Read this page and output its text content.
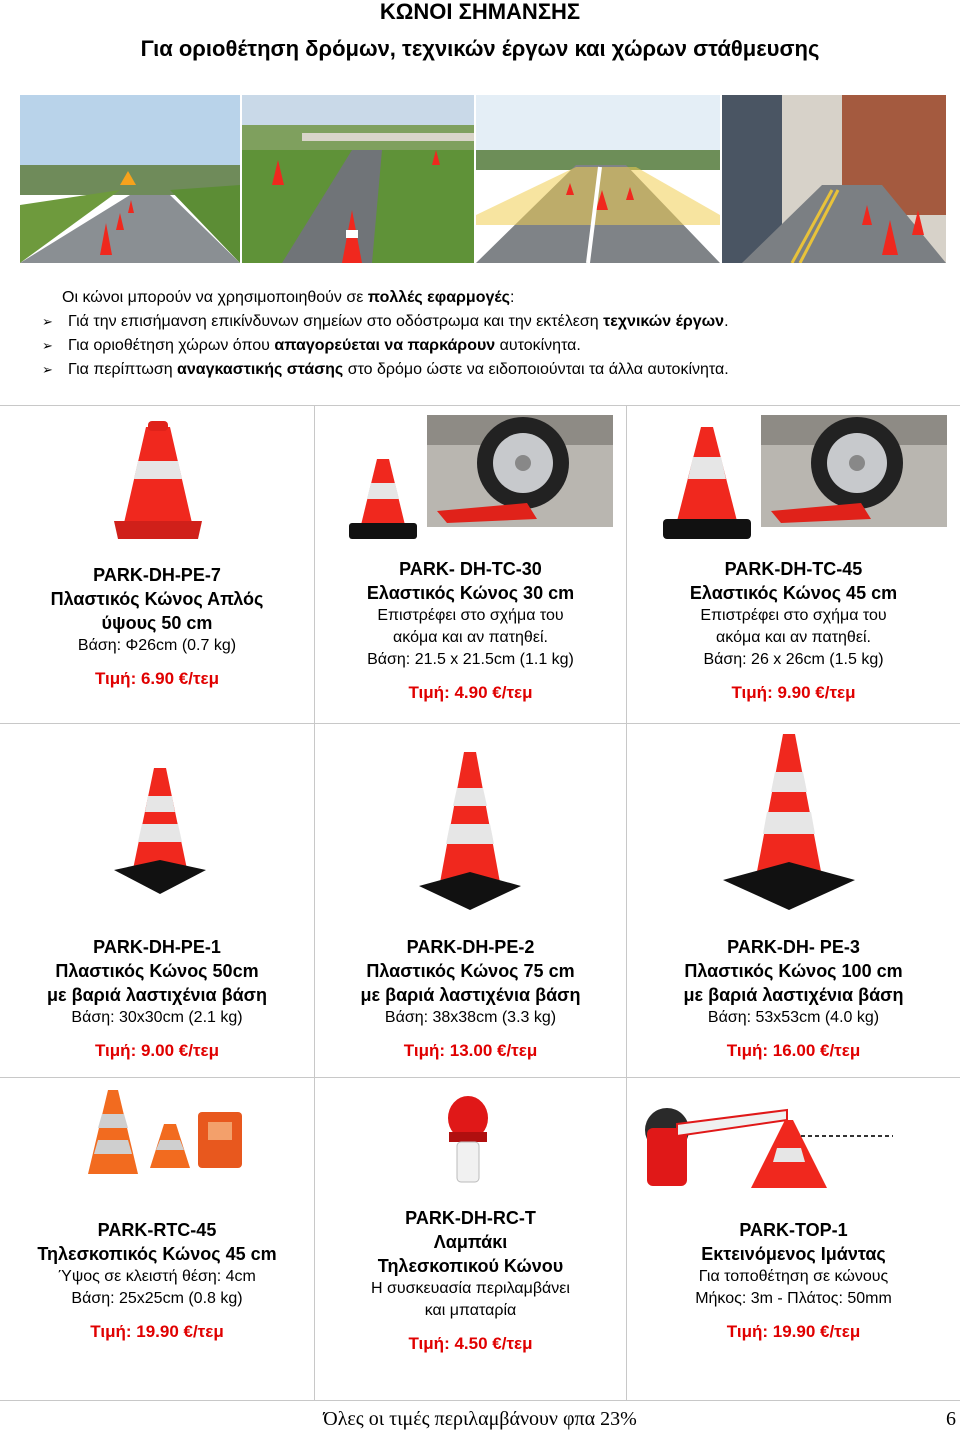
ΚΩΝΟΙ ΣΗΜΑΝΣΗΣ
Για οριοθέτηση δρόμων, τεχνικών έργων και χώρων στάθμευσης
Οι κώνοι μπορούν να χρησιμοποιηθούν σε πολλές εφαρμογές:
➢ Γιά την επισήμανση επικίνδυνων σημείων στο οδόστρωμα και την εκτέλεση τεχνικών έργων.
➢ Για οριοθέτηση χώρων όπου απαγορεύεται να παρκάρουν αυτοκίνητα.
➢ Για περίπτωση αναγκαστικής στάσης στο δρόμο ώστε να ειδοποιούνται τα άλλα αυτοκίνητα.
PARK-DH-PE-7
Πλαστικός Κώνος Απλός
ύψους 50 cm
Βάση: Φ26cm (0.7 kg)
Τιμή: 6.90 €/τεμ
PARK- DH-TC-30
Ελαστικός Κώνος 30 cm
Επιστρέφει στο σχήμα του
ακόμα και αν πατηθεί.
Βάση: 21.5 x 21.5cm (1.1 kg)
Τιμή: 4.90 €/τεμ
PARK-DH-TC-45
Ελαστικός Κώνος 45 cm
Επιστρέφει στο σχήμα του
ακόμα και αν πατηθεί.
Βάση: 26 x 26cm (1.5 kg)
Τιμή: 9.90 €/τεμ
PARK-DH-PE-1
Πλαστικός Κώνος 50cm
με βαριά λαστιχένια βάση
Βάση: 30x30cm (2.1 kg)
Τιμή: 9.00 €/τεμ
PARK-DH-PE-2
Πλαστικός Κώνος 75 cm
με βαριά λαστιχένια βάση
Βάση: 38x38cm (3.3 kg)
Τιμή: 13.00 €/τεμ
PARK-DH- PE-3
Πλαστικός Κώνος 100 cm
με βαριά λαστιχένια βάση
Βάση: 53x53cm (4.0 kg)
Τιμή: 16.00 €/τεμ
PARK-RTC-45
Τηλεσκοπικός Κώνος 45 cm
Ύψος σε κλειστή θέση: 4cm
Βάση: 25x25cm (0.8 kg)
Τιμή: 19.90 €/τεμ
PARK-DH-RC-T
Λαμπάκι
Τηλεσκοπικού Κώνου
Η συσκευασία περιλαμβάνει
και μπαταρία
Τιμή: 4.50 €/τεμ
PARK-TOP-1
Εκτεινόμενος Ιμάντας
Για τοποθέτηση σε κώνους
Μήκος: 3m - Πλάτος: 50mm
Τιμή: 19.90 €/τεμ
Όλες οι τιμές περιλαμβάνουν φπα 23%	6
